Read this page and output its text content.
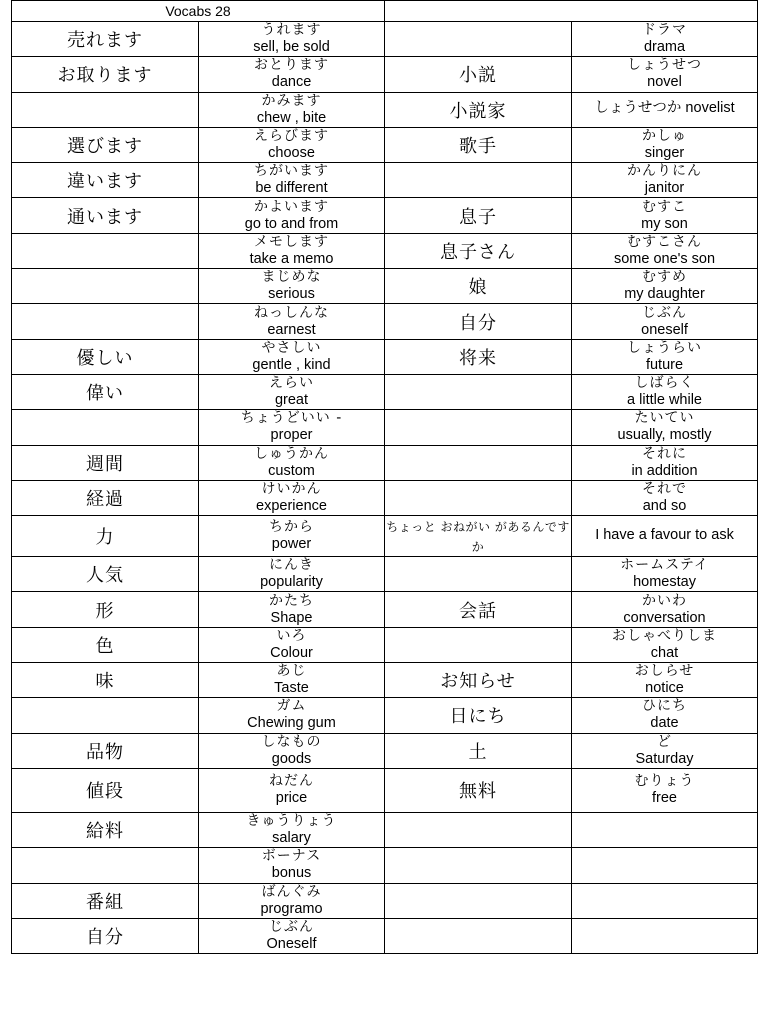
Vocabs 28			
売れます	うれます
sell, be sold		ドラマ
drama

お取ります	おとります
dance	小説	しょうせつ
novel

	かみます
chew , bite	小説家	しょうせつか novelist

選びます	えらびます
choose	歌手	かしゅ
singer

違います	ちがいます
be different		かんりにん
janitor

通います	かよいます
go to and from	息子	むすこ
my son

	メモします
take a memo	息子さん	むすこさん
some one's son

	まじめな
serious	娘	むすめ
my daughter

	ねっしんな
earnest	自分	じぶん
oneself

優しい	やさしい
gentle , kind	将来	しょうらい
future

偉い	えらい
great		しばらく
a little while

	ちょうどいい -
proper		たいてい
usually, mostly

週間	しゅうかん
custom		それに
in addition

経過	けいかん
experience		それで
and so

力	ちから
power	ちょっと おねがい があるんですか	I have a favour to ask

人気	にんき
popularity		ホームステイ
homestay

形	かたち
Shape	会話	かいわ
conversation

色	いろ
Colour		おしゃべりしま
chat

味	あじ
Taste	お知らせ	おしらせ
notice

	ガム
Chewing gum	日にち	ひにち
date

品物	しなもの
goods	土	ど
Saturday

値段	ねだん
price	無料	むりょう
free

給料	きゅうりょう
salary		

	ボーナス
bonus		

番組	ばんぐみ
programo		

自分	じぶん
Oneself		
